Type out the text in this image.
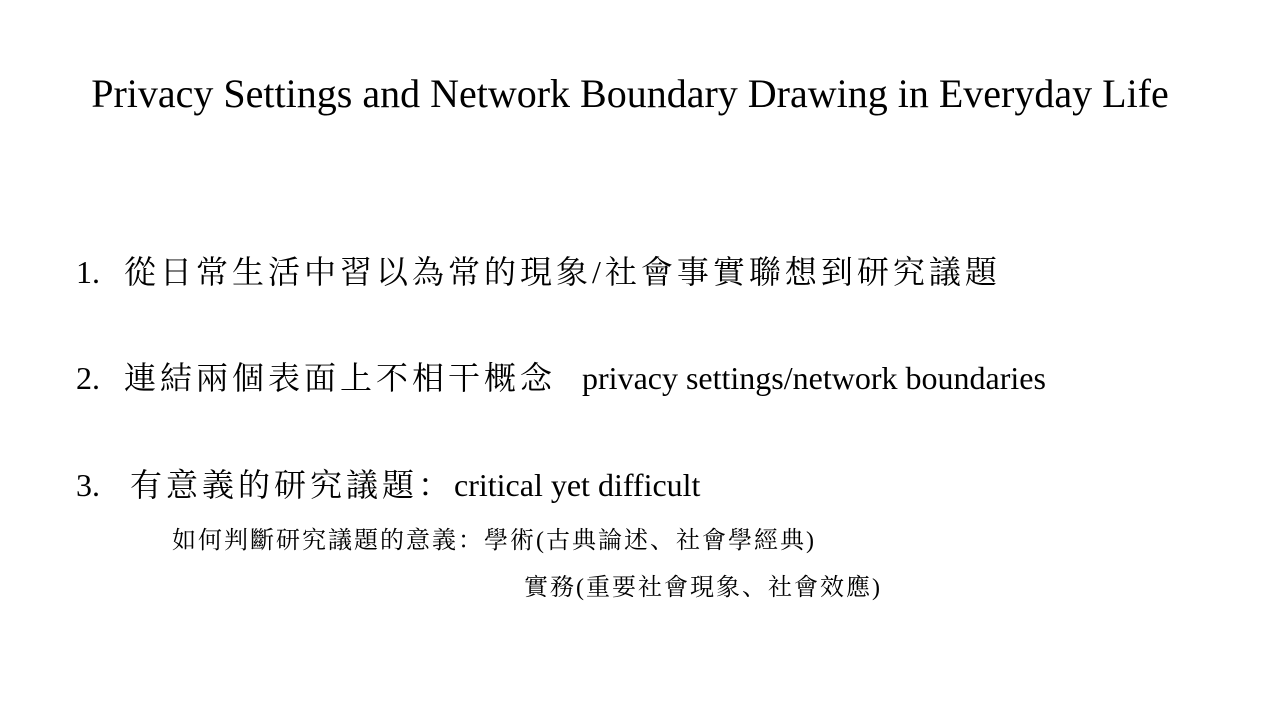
Privacy Settings and Network Boundary Drawing in Everyday Life
1. 從日常生活中習以為常的現象/社會事實聯想到研究議題
2. 連結兩個表面上不相干概念 privacy settings/network boundaries
3. 有意義的研究議題：critical yet difficult
如何判斷研究議題的意義：學術(古典論述、社會學經典)
實務(重要社會現象、社會效應)
